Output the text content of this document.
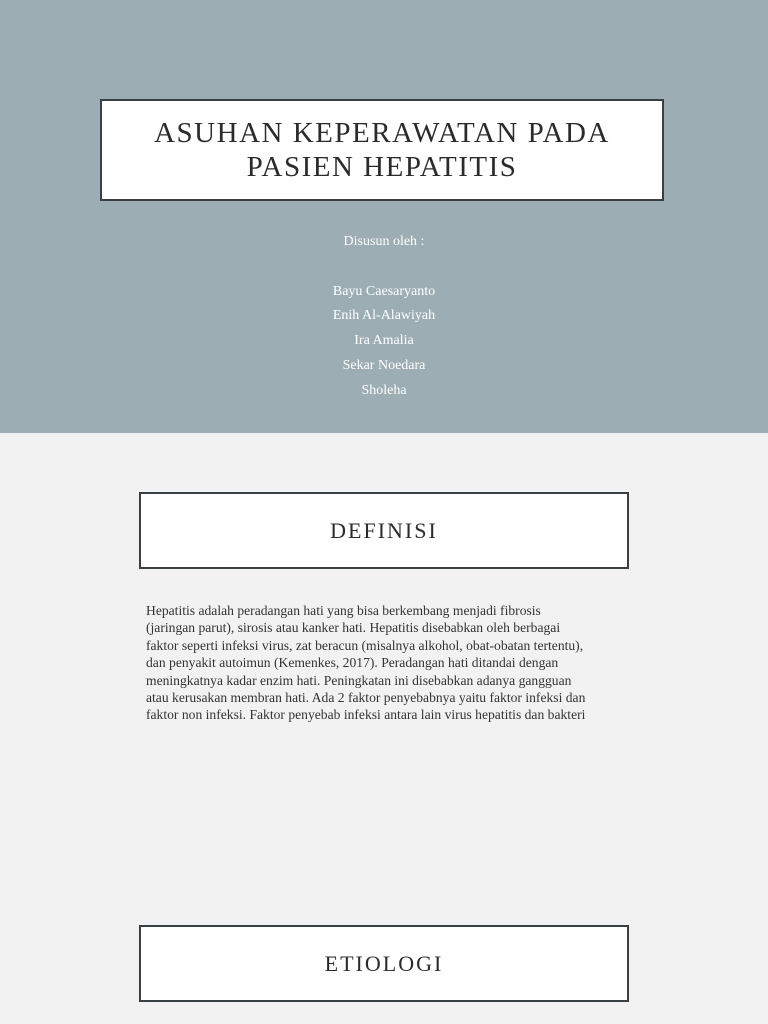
ASUHAN KEPERAWATAN PADA PASIEN HEPATITIS
Disusun oleh :
Bayu Caesaryanto
Enih Al-Alawiyah
Ira Amalia
Sekar Noedara
Sholeha
DEFINISI
Hepatitis adalah peradangan hati yang bisa berkembang menjadi fibrosis
(jaringan parut), sirosis atau kanker hati. Hepatitis disebabkan oleh berbagai
faktor seperti infeksi virus, zat beracun (misalnya alkohol, obat-obatan tertentu),
dan penyakit autoimun (Kemenkes, 2017). Peradangan hati ditandai dengan
meningkatnya kadar enzim hati. Peningkatan ini disebabkan adanya gangguan
atau kerusakan membran hati. Ada 2 faktor penyebabnya yaitu faktor infeksi dan
faktor non infeksi. Faktor penyebab infeksi antara lain virus hepatitis dan bakteri
ETIOLOGI
